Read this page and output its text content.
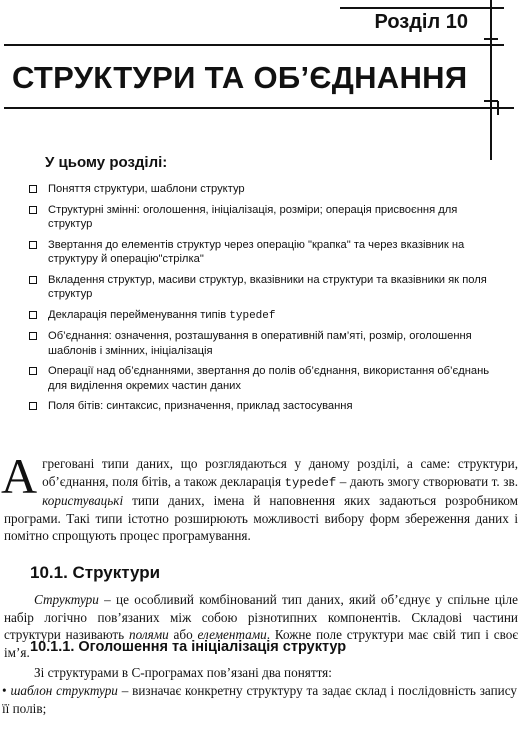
Розділ 10
СТРУКТУРИ ТА ОБ’ЄДНАННЯ
У цьому розділі:
Поняття структури, шаблони структур
Структурні змінні: оголошення, ініціалізація, розміри; операція присвоєння для структур
Звертання до елементів структур через операцію "крапка" та через вказівник на структуру й операцію"стрілка"
Вкладення структур, масиви структур, вказівники на структури та вказівники як поля структур
Декларація перейменування типів typedef
Об’єднання: означення, розташування в оперативній пам’яті, розмір, оголошення шаблонів і змінних, ініціалізація
Операції над об’єднаннями, звертання до полів об’єднання, використання об’єднань для виділення окремих частин даних
Поля бітів: синтаксис, призначення, приклад застосування
Агреговані типи даних, що розглядаються у даному розділі, а саме: структури, об’єднання, поля бітів, а також декларація typedef – дають змогу створювати т. зв. користувацькі типи даних, імена й наповнення яких задаються розробником програми. Такі типи істотно розширюють можливості вибору форм збереження даних і помітно спрощують процес програмування.
10.1. Структури
Структури – це особливий комбінований тип даних, який об’єднує у спільне ціле набір логічно пов’язаних між собою різнотипних компонентів. Складові частини структури називають полями або елементами. Кожне поле структури має свій тип і своє ім’я. 10.1.1. Оголошення та ініціалізація структур
Зі структурами в С-програмах пов’язані два поняття:
• шаблон структури – визначає конкретну структуру та задає склад і послідовність запису її полів;
